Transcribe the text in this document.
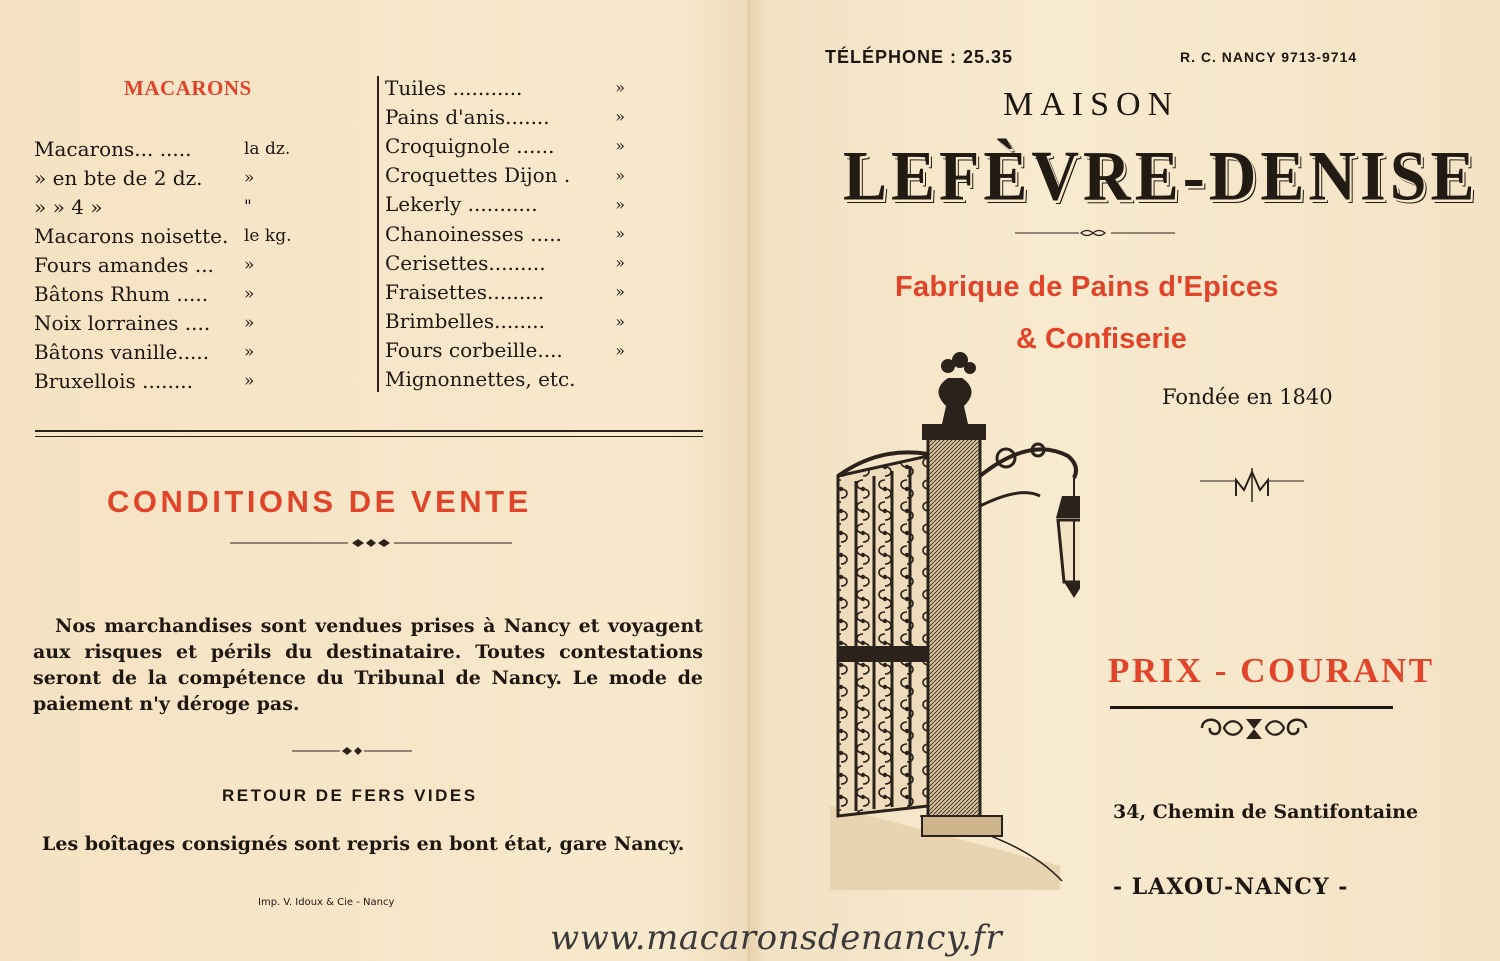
MACARONS
Macarons... .....	la dz.
» en bte de 2 dz.	»
» » 4 »	"
Macarons noisette. le kg.
Fours amandes ...	»
Bâtons Rhum .....	»
Noix lorraines ....	»
Bâtons vanille.....	»
Bruxellois ........	»
Tuiles ...........	»
Pains d'anis.......	»
Croquignole ......	»
Croquettes Dijon .	»
Lekerly ...........	»
Chanoinesses .....	»
Cerisettes.........	»
Fraisettes.........	»
Brimbelles........	»
Fours corbeille....	»
Mignonnettes, etc.
CONDITIONS DE VENTE
Nos marchandises sont vendues prises à Nancy et voyagent aux risques et périls du destinataire. Toutes contestations seront de la compétence du Tribunal de Nancy. Le mode de paiement n'y déroge pas.
RETOUR DE FERS VIDES
Les boîtages consignés sont repris en bont état, gare Nancy.
Imp. V. Idoux & Cie - Nancy
TÉLÉPHONE : 25.35	R. C. NANCY 9713-9714
MAISON
LEFÈVRE-DENISE
Fabrique de Pains d'Epices
& Confiserie
Fondée en 1840
PRIX - COURANT
34, Chemin de Santifontaine
- LAXOU-NANCY -
www.macaronsdenancy.fr
